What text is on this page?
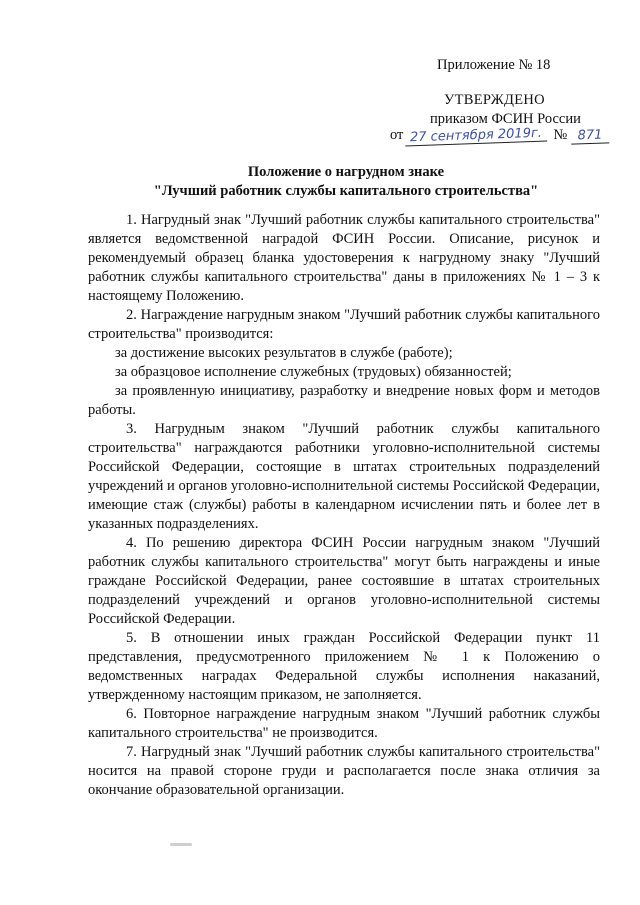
Приложение № 18
УТВЕРЖДЕНО
приказом ФСИН России
от 27 сентября 2019г. № 871
Положение о нагрудном знаке
"Лучший работник службы капитального строительства"

1. Нагрудный знак "Лучший работник службы капитального строительства" является ведомственной наградой ФСИН России. Описание, рисунок и рекомендуемый образец бланка удостоверения к нагрудному знаку "Лучший работник службы капитального строительства" даны в приложениях № 1 – 3 к настоящему Положению.

2. Награждение нагрудным знаком "Лучший работник службы капитального строительства" производится:

за достижение высоких результатов в службе (работе);

за образцовое исполнение служебных (трудовых) обязанностей;

за проявленную инициативу, разработку и внедрение новых форм и методов работы.

3. Нагрудным знаком "Лучший работник службы капитального строительства" награждаются работники уголовно-исполнительной системы Российской Федерации, состоящие в штатах строительных подразделений учреждений и органов уголовно-исполнительной системы Российской Федерации, имеющие стаж (службы) работы в календарном исчислении пять и более лет в указанных подразделениях.

4. По решению директора ФСИН России нагрудным знаком "Лучший работник службы капитального строительства" могут быть награждены и иные граждане Российской Федерации, ранее состоявшие в штатах строительных подразделений учреждений и органов уголовно-исполнительной системы Российской Федерации.

5. В отношении иных граждан Российской Федерации пункт 11 представления, предусмотренного приложением № 1 к Положению о ведомственных наградах Федеральной службы исполнения наказаний, утвержденному настоящим приказом, не заполняется.

6. Повторное награждение нагрудным знаком "Лучший работник службы капитального строительства" не производится.

7. Нагрудный знак "Лучший работник службы капитального строительства" носится на правой стороне груди и располагается после знака отличия за окончание образовательной организации.
